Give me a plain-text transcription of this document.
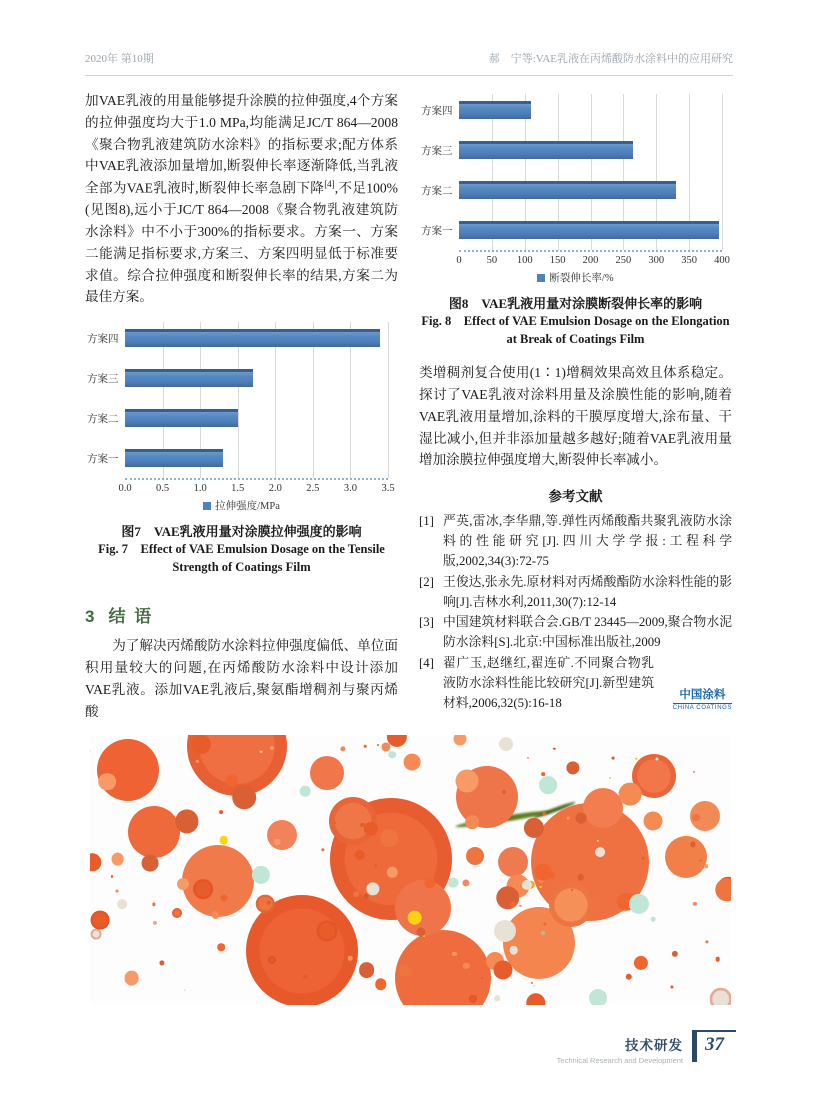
2020年 第10期	郝　宁等:VAE乳液在丙烯酸防水涂料中的应用研究
加VAE乳液的用量能够提升涂膜的拉伸强度,4个方案的拉伸强度均大于1.0 MPa,均能满足JC/T 864—2008《聚合物乳液建筑防水涂料》的指标要求;配方体系中VAE乳液添加量增加,断裂伸长率逐渐降低,当乳液全部为VAE乳液时,断裂伸长率急剧下降[4],不足100%(见图8),远小于JC/T 864—2008《聚合物乳液建筑防水涂料》中不小于300%的指标要求。方案一、方案二能满足指标要求,方案三、方案四明显低于标准要求值。综合拉伸强度和断裂伸长率的结果,方案二为最佳方案。
方案四
方案三
方案二
方案一
0.0 0.5 1.0 1.5 2.0 2.5 3.0 3.5
拉伸强度/MPa
图7　VAE乳液用量对涂膜拉伸强度的影响
Fig. 7　Effect of VAE Emulsion Dosage on the Tensile
Strength of Coatings Film
3 结 语
为了解决丙烯酸防水涂料拉伸强度偏低、单位面积用量较大的问题,在丙烯酸防水涂料中设计添加VAE乳液。添加VAE乳液后,聚氨酯增稠剂与聚丙烯酸
方案四
方案三
方案二
方案一
0 50 100 150 200 250 300 350 400
断裂伸长率/%
图8　VAE乳液用量对涂膜断裂伸长率的影响
Fig. 8　Effect of VAE Emulsion Dosage on the Elongation
at Break of Coatings Film
类增稠剂复合使用(1∶1)增稠效果高效且体系稳定。探讨了VAE乳液对涂料用量及涂膜性能的影响,随着VAE乳液用量增加,涂料的干膜厚度增大,涂布量、干湿比减小,但并非添加量越多越好;随着VAE乳液用量增加涂膜拉伸强度增大,断裂伸长率减小。
参考文献
[1] 严英,雷冰,李华鼎,等.弹性丙烯酸酯共聚乳液防水涂料的性能研究[J].四川大学学报:工程科学版,2002,34(3):72-75
[2] 王俊达,张永先.原材料对丙烯酸酯防水涂料性能的影响[J].吉林水利,2011,30(7):12-14
[3] 中国建筑材料联合会.GB/T 23445—2009,聚合物水泥防水涂料[S].北京:中国标准出版社,2009
[4] 翟广玉,赵继红,翟连矿.不同聚合物乳液防水涂料性能比较研究[J].新型建筑材料,2006,32(5):16-18
中国涂料
CHINA COATINGS
技术研发
Technical Research and Development
37
